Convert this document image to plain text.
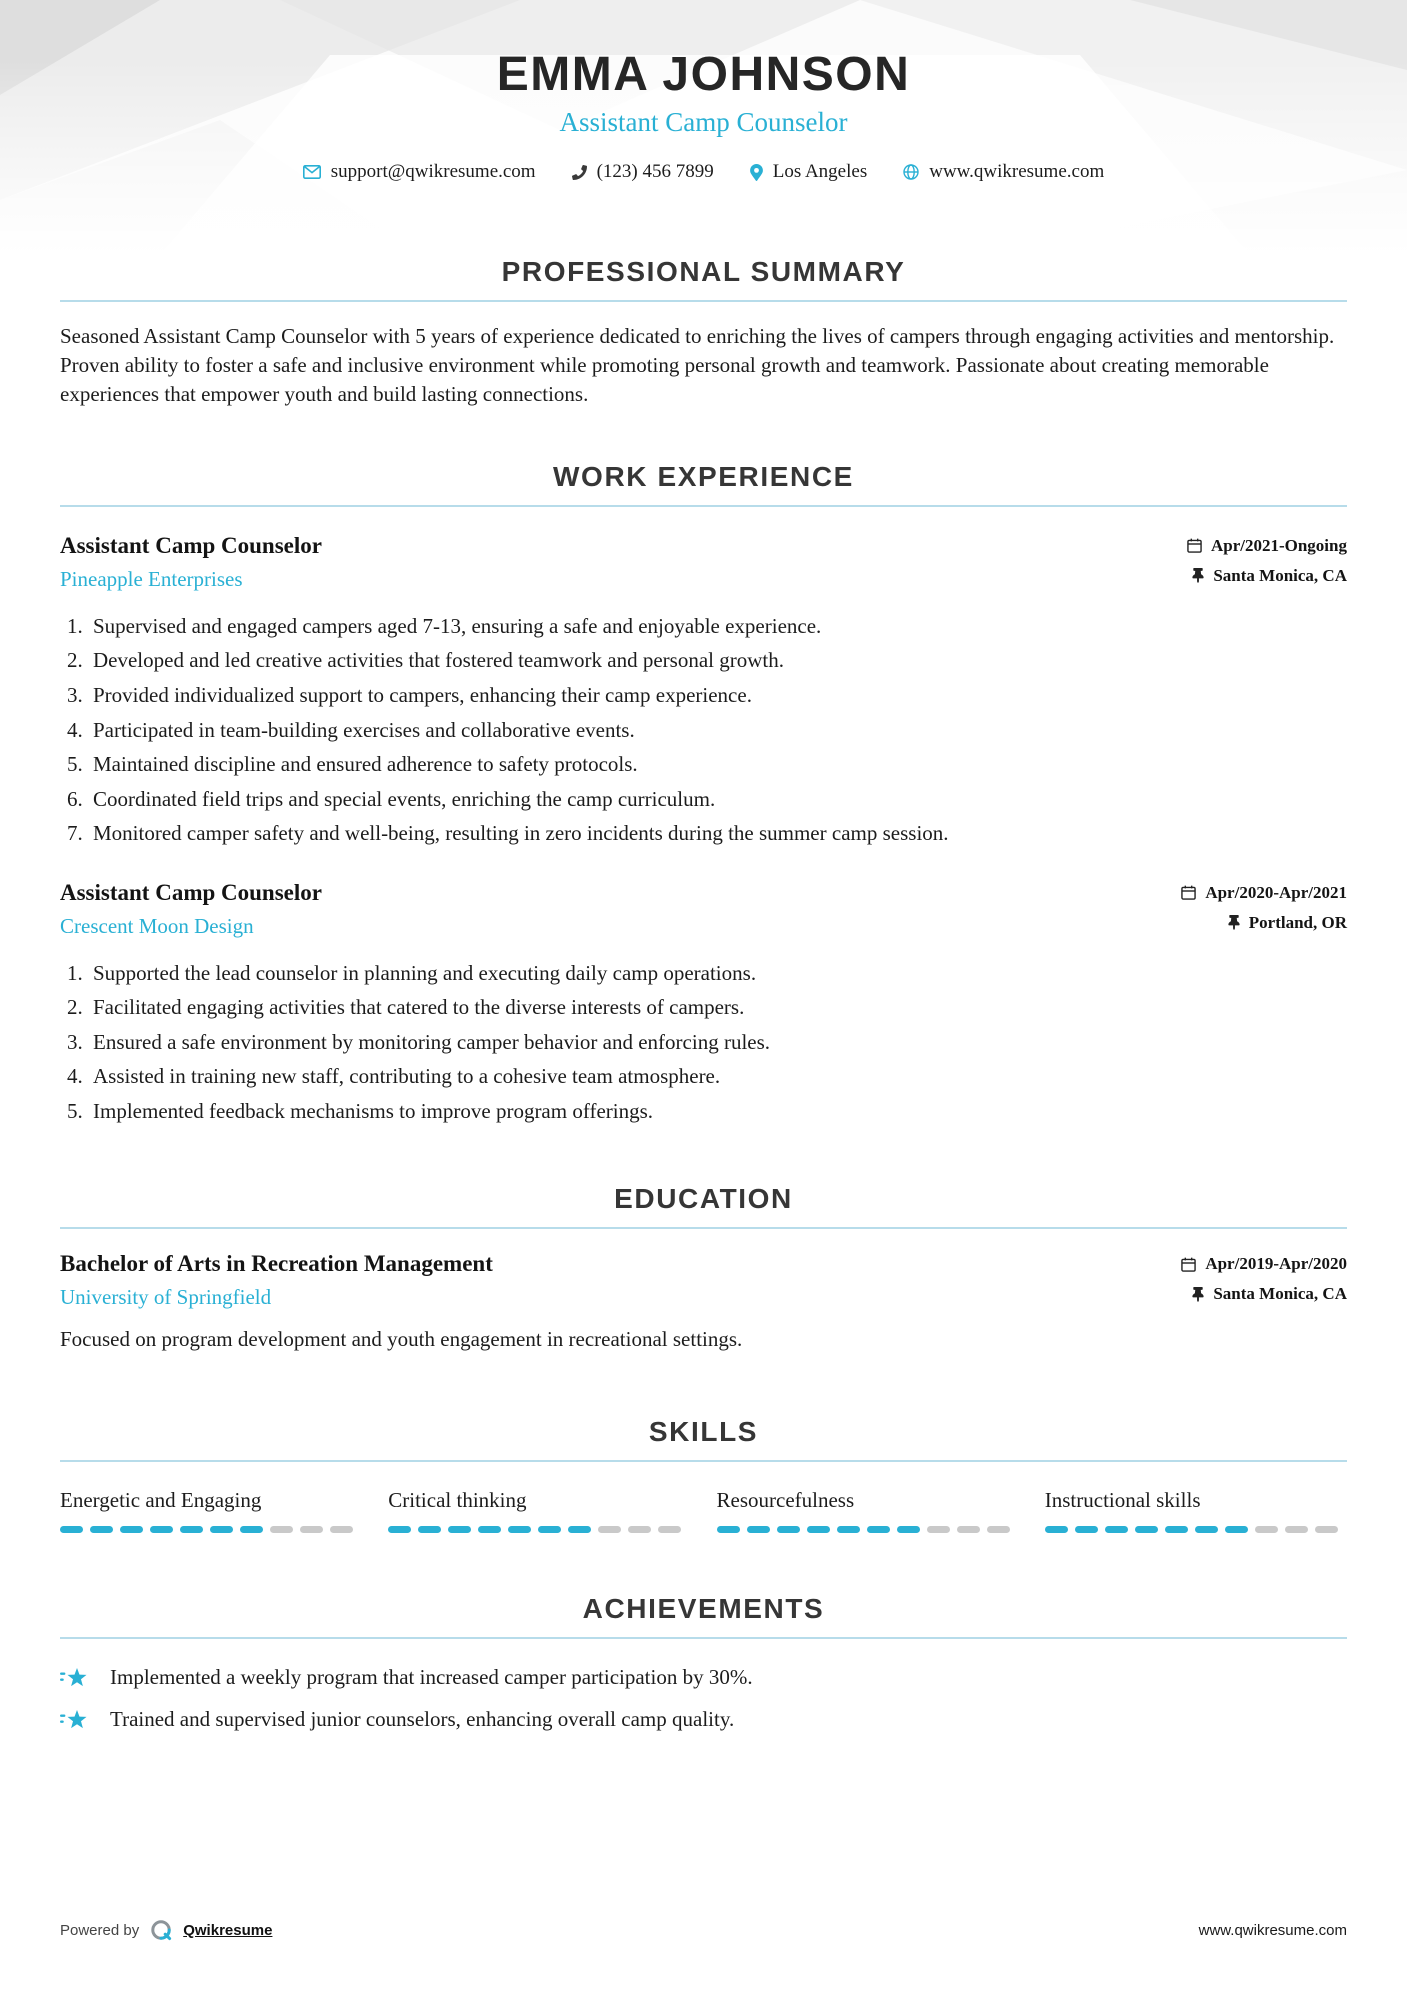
EMMA JOHNSON
Assistant Camp Counselor
support@qwikresume.com	(123) 456 7899	Los Angeles	www.qwikresume.com
PROFESSIONAL SUMMARY

Seasoned Assistant Camp Counselor with 5 years of experience dedicated to enriching the lives of campers through engaging activities and mentorship. Proven ability to foster a safe and inclusive environment while promoting personal growth and teamwork. Passionate about creating memorable experiences that empower youth and build lasting connections.

WORK EXPERIENCE
Assistant Camp Counselor
Pineapple Enterprises
Apr/2021-Ongoing
Santa Monica, CA
1. Supervised and engaged campers aged 7-13, ensuring a safe and enjoyable experience.
2. Developed and led creative activities that fostered teamwork and personal growth.
3. Provided individualized support to campers, enhancing their camp experience.
4. Participated in team-building exercises and collaborative events.
5. Maintained discipline and ensured adherence to safety protocols.
6. Coordinated field trips and special events, enriching the camp curriculum.
7. Monitored camper safety and well-being, resulting in zero incidents during the summer camp session.
Assistant Camp Counselor
Crescent Moon Design
Apr/2020-Apr/2021
Portland, OR
1. Supported the lead counselor in planning and executing daily camp operations.
2. Facilitated engaging activities that catered to the diverse interests of campers.
3. Ensured a safe environment by monitoring camper behavior and enforcing rules.
4. Assisted in training new staff, contributing to a cohesive team atmosphere.
5. Implemented feedback mechanisms to improve program offerings.
EDUCATION
Bachelor of Arts in Recreation Management
University of Springfield
Apr/2019-Apr/2020
Santa Monica, CA

Focused on program development and youth engagement in recreational settings.

SKILLS
Energetic and Engaging	Critical thinking	Resourcefulness	Instructional skills
ACHIEVEMENTS
Implemented a weekly program that increased camper participation by 30%.
Trained and supervised junior counselors, enhancing overall camp quality.
Powered by	Qwikresume	www.qwikresume.com
